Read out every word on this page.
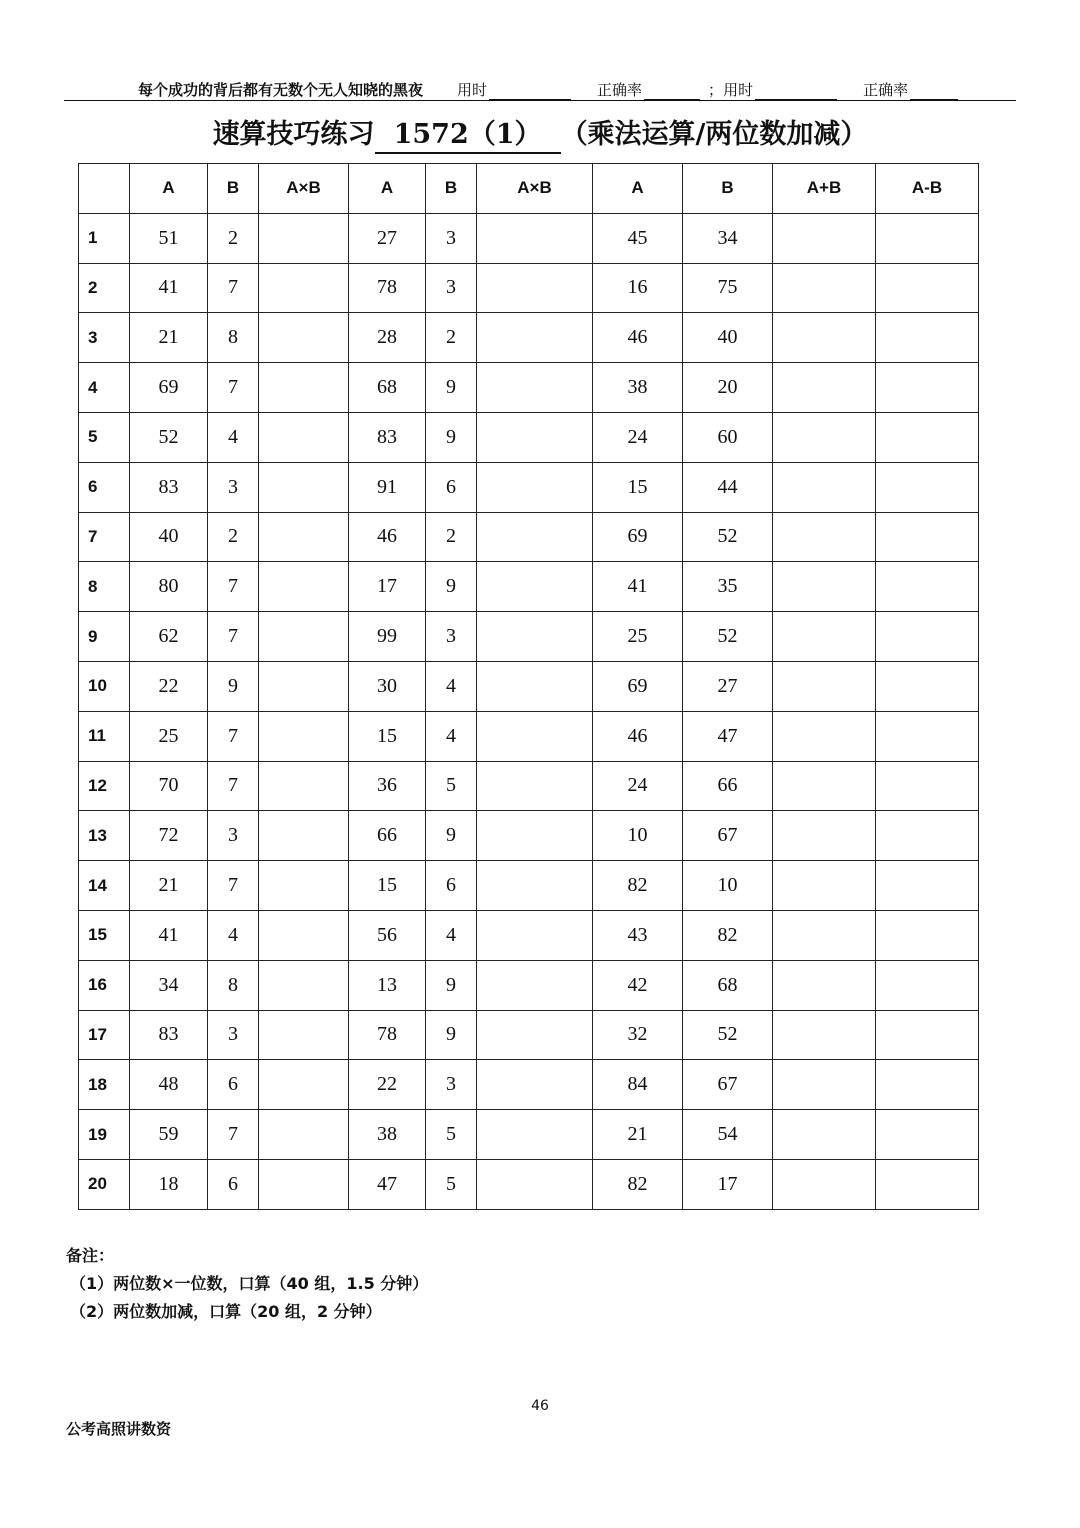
每个成功的背后都有无数个无人知晓的黑夜 用时	正确率	； 用时	正确率
速算技巧练习 1572（1） （乘法运算/两位数加减）
	A	B	A×B	A	B	A×B	A	B	A+B	A-B
1	51	2		27	3		45	34		
2	41	7		78	3		16	75		
3	21	8		28	2		46	40		
4	69	7		68	9		38	20		
5	52	4		83	9		24	60		
6	83	3		91	6		15	44		
7	40	2		46	2		69	52		
8	80	7		17	9		41	35		
9	62	7		99	3		25	52		
10	22	9		30	4		69	27		
11	25	7		15	4		46	47		
12	70	7		36	5		24	66		
13	72	3		66	9		10	67		
14	21	7		15	6		82	10		
15	41	4		56	4		43	82		
16	34	8		13	9		42	68		
17	83	3		78	9		32	52		
18	48	6		22	3		84	67		
19	59	7		38	5		21	54		
20	18	6		47	5		82	17		
备注：
（1）两位数×一位数，口算（40 组，1.5 分钟）
（2）两位数加减，口算（20 组，2 分钟）
46
公考高照讲数资
